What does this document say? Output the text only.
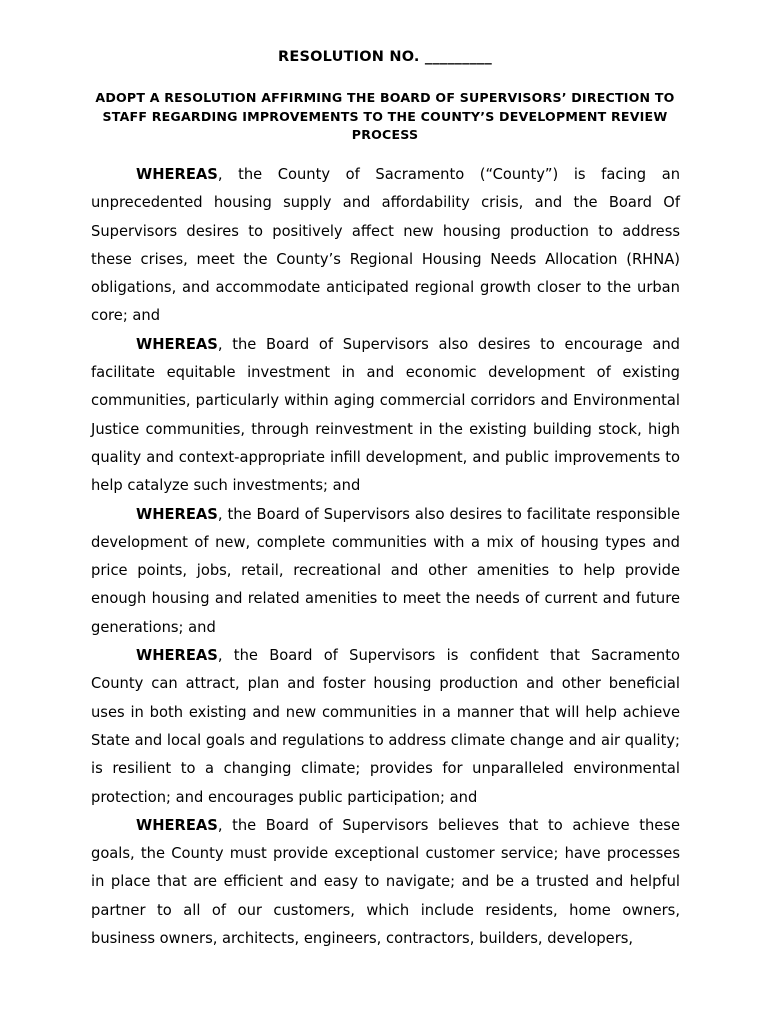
RESOLUTION NO. _________
ADOPT A RESOLUTION AFFIRMING THE BOARD OF SUPERVISORS’ DIRECTION TO STAFF REGARDING IMPROVEMENTS TO THE COUNTY’S DEVELOPMENT REVIEW PROCESS

WHEREAS, the County of Sacramento (“County”) is facing an unprecedented housing supply and affordability crisis, and the Board Of Supervisors desires to positively affect new housing production to address these crises, meet the County’s Regional Housing Needs Allocation (RHNA) obligations, and accommodate anticipated regional growth closer to the urban core; and

WHEREAS, the Board of Supervisors also desires to encourage and facilitate equitable investment in and economic development of existing communities, particularly within aging commercial corridors and Environmental Justice communities, through reinvestment in the existing building stock, high quality and context-appropriate infill development, and public improvements to help catalyze such investments; and

WHEREAS, the Board of Supervisors also desires to facilitate responsible development of new, complete communities with a mix of housing types and price points, jobs, retail, recreational and other amenities to help provide enough housing and related amenities to meet the needs of current and future generations; and

WHEREAS, the Board of Supervisors is confident that Sacramento County can attract, plan and foster housing production and other beneficial uses in both existing and new communities in a manner that will help achieve State and local goals and regulations to address climate change and air quality; is resilient to a changing climate; provides for unparalleled environmental protection; and encourages public participation; and

WHEREAS, the Board of Supervisors believes that to achieve these goals, the County must provide exceptional customer service; have processes in place that are efficient and easy to navigate; and be a trusted and helpful partner to all of our customers, which include residents, home owners, business owners, architects, engineers, contractors, builders, developers,
